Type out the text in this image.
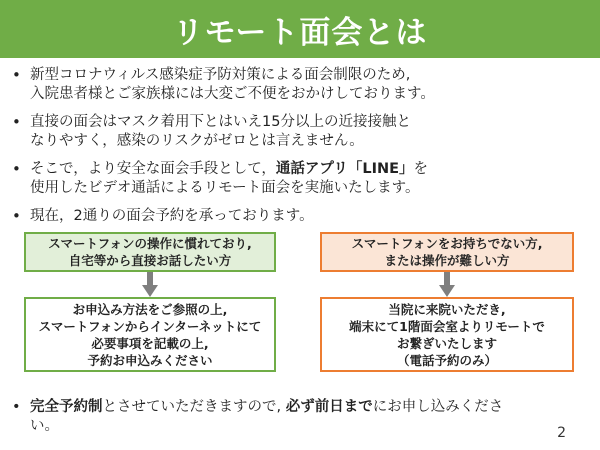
リモート面会とは
• 新型コロナウィルス感染症予防対策による面会制限のため,
入院患者様とご家族様には大変ご不便をおかけしております。
• 直接の面会はマスク着用下とはいえ15分以上の近接接触と
なりやすく，感染のリスクがゼロとは言えません。
• そこで，より安全な面会手段として，通話アプリ「LINE」を
使用したビデオ通話によるリモート面会を実施いたします。
• 現在，2通りの面会予約を承っております。
スマートフォンの操作に慣れており,
自宅等から直接お話したい方
お申込み方法をご参照の上,
スマートフォンからインターネットにて
必要事項を記載の上,
予約お申込みください
スマートフォンをお持ちでない方,
または操作が難しい方
当院に来院いただき,
端末にて1階面会室よりリモートで
お繋ぎいたします
（電話予約のみ）
• 完全予約制とさせていただきますので, 必ず前日までにお申し込みください。	2
